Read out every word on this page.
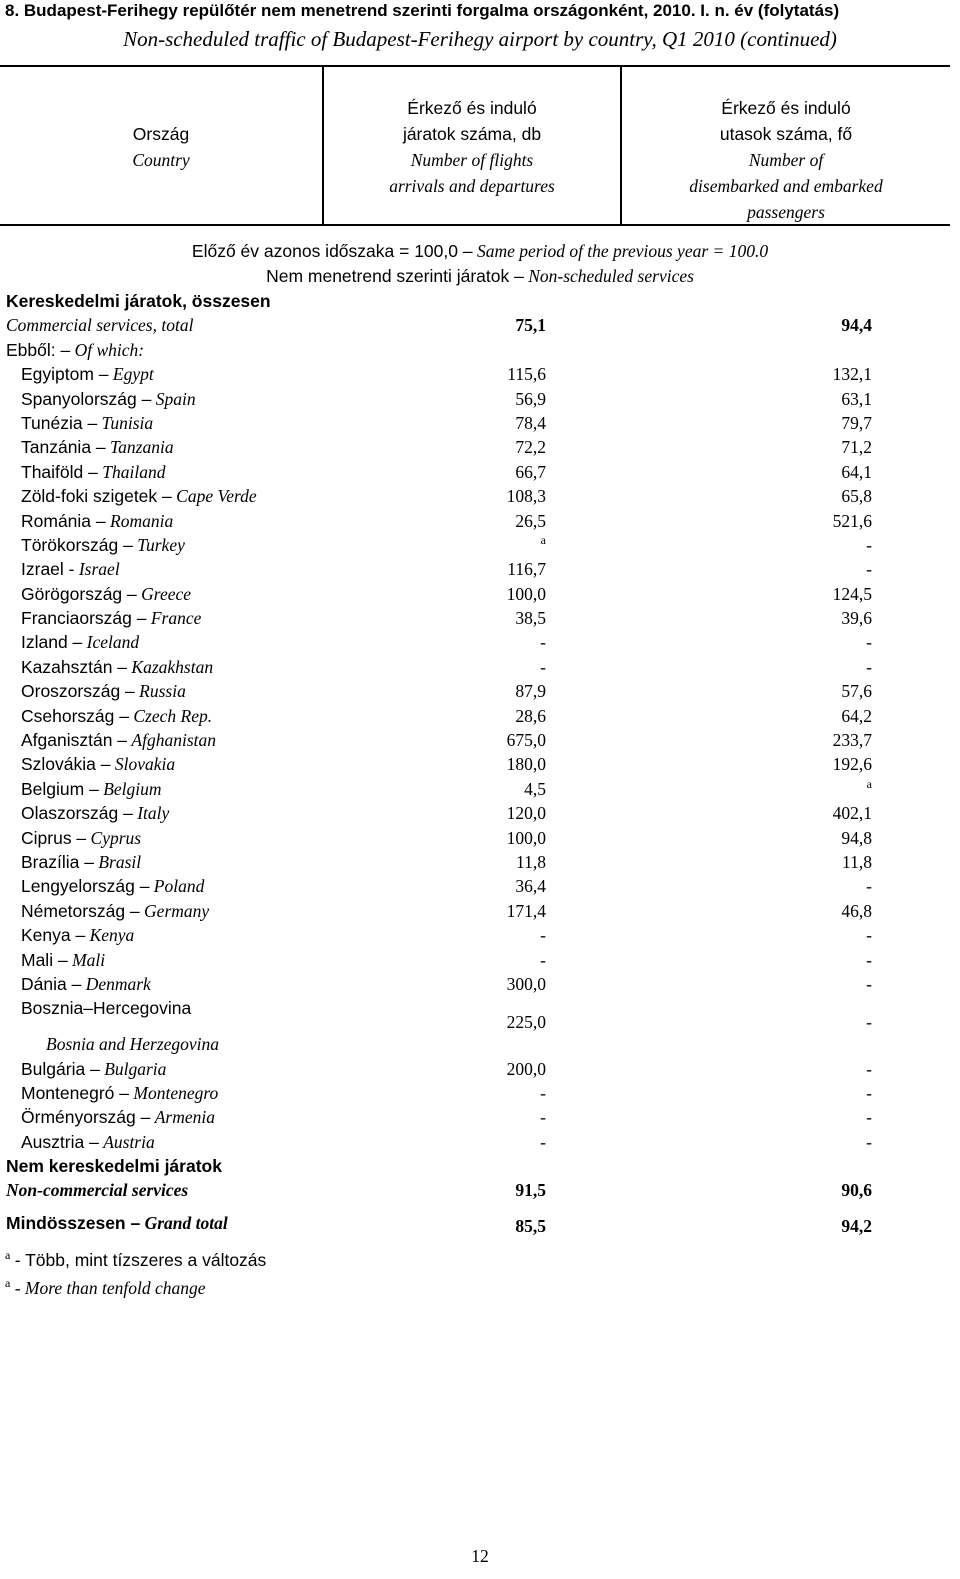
8. Budapest-Ferihegy repülőtér nem menetrend szerinti forgalma országonként, 2010. I. n. év (folytatás)
Non-scheduled traffic of Budapest-Ferihegy airport by country, Q1 2010 (continued)
Ország
Country
Érkező és induló
járatok száma, db
Number of flights
arrivals and departures
Érkező és induló
utasok száma, fő
Number of
disembarked and embarked
passengers
Előző év azonos időszaka = 100,0 – Same period of the previous year = 100.0
Nem menetrend szerinti járatok – Non-scheduled services
Kereskedelmi járatok, összesen
Commercial services, total	75,1	94,4
Ebből: – Of which:
Egyiptom – Egypt	115,6	132,1
Spanyolország – Spain	56,9	63,1
Tunézia – Tunisia	78,4	79,7
Tanzánia – Tanzania	72,2	71,2
Thaiföld – Thailand	66,7	64,1
Zöld-foki szigetek – Cape Verde	108,3	65,8
Románia – Romania	26,5	521,6
Törökország – Turkey	$^a$	-
Izrael - Israel	116,7	-
Görögország – Greece	100,0	124,5
Franciaország – France	38,5	39,6
Izland – Iceland	-	-
Kazahsztán – Kazakhstan	-	-
Oroszország – Russia	87,9	57,6
Csehország – Czech Rep.	28,6	64,2
Afganisztán – Afghanistan	675,0	233,7
Szlovákia – Slovakia	180,0	192,6
Belgium – Belgium	4,5	$^a$
Olaszország – Italy	120,0	402,1
Ciprus – Cyprus	100,0	94,8
Brazília – Brasil	11,8	11,8
Lengyelország – Poland	36,4	-
Németország – Germany	171,4	46,8
Kenya – Kenya	-	-
Mali – Mali	-	-
Dánia – Denmark	300,0	-
Bosznia–Hercegovina
225,0	-
Bosnia and Herzegovina
Bulgária – Bulgaria	200,0	-
Montenegró – Montenegro	-	-
Örményország – Armenia	-	-
Ausztria – Austria	-	-
Nem kereskedelmi járatok
Non-commercial services	91,5	90,6
Mindösszesen – Grand total	85,5	94,2
$^a$ - Több, mint tízszeres a változás
$^a$ - More than tenfold change
12
